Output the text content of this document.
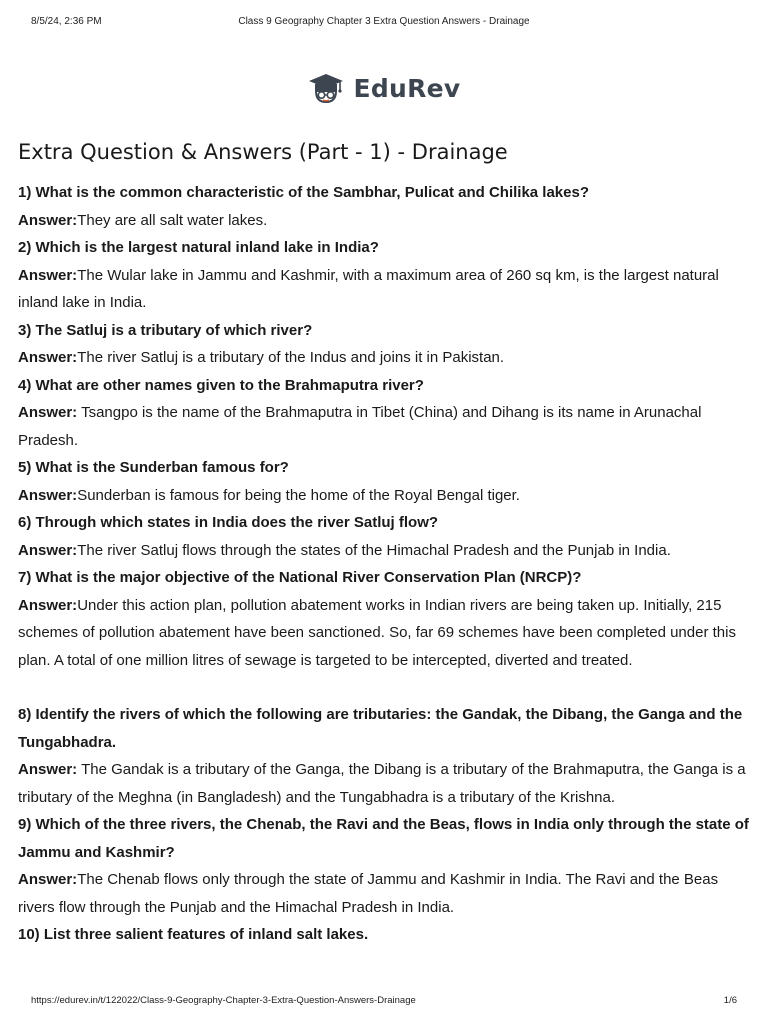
8/5/24, 2:36 PM	Class 9 Geography Chapter 3 Extra Question Answers - Drainage
EduRev
Extra Question & Answers (Part - 1) - Drainage

1) What is the common characteristic of the Sambhar, Pulicat and Chilika lakes?

Answer:They are all salt water lakes.

2) Which is the largest natural inland lake in India?

Answer:The Wular lake in Jammu and Kashmir, with a maximum area of 260 sq km, is the largest natural inland lake in India.

3) The Satluj is a tributary of which river?

Answer:The river Satluj is a tributary of the Indus and joins it in Pakistan.

4) What are other names given to the Brahmaputra river?

Answer: Tsangpo is the name of the Brahmaputra in Tibet (China) and Dihang is its name in Arunachal Pradesh.

5) What is the Sunderban famous for?

Answer:Sunderban is famous for being the home of the Royal Bengal tiger.

6) Through which states in India does the river Satluj flow?

Answer:The river Satluj flows through the states of the Himachal Pradesh and the Punjab in India.

7) What is the major objective of the National River Conservation Plan (NRCP)?

Answer:Under this action plan, pollution abatement works in Indian rivers are being taken up. Initially, 215 schemes of pollution abatement have been sanctioned. So, far 69 schemes have been completed under this plan. A total of one million litres of sewage is targeted to be intercepted, diverted and treated.

8) Identify the rivers of which the following are tributaries: the Gandak, the Dibang, the Ganga and the Tungabhadra.

Answer: The Gandak is a tributary of the Ganga, the Dibang is a tributary of the Brahmaputra, the Ganga is a tributary of the Meghna (in Bangladesh) and the Tungabhadra is a tributary of the Krishna.

9) Which of the three rivers, the Chenab, the Ravi and the Beas, flows in India only through the state of Jammu and Kashmir?

Answer:The Chenab flows only through the state of Jammu and Kashmir in India. The Ravi and the Beas rivers flow through the Punjab and the Himachal Pradesh in India.

10) List three salient features of inland salt lakes.

https://edurev.in/t/122022/Class-9-Geography-Chapter-3-Extra-Question-Answers-Drainage	1/6
